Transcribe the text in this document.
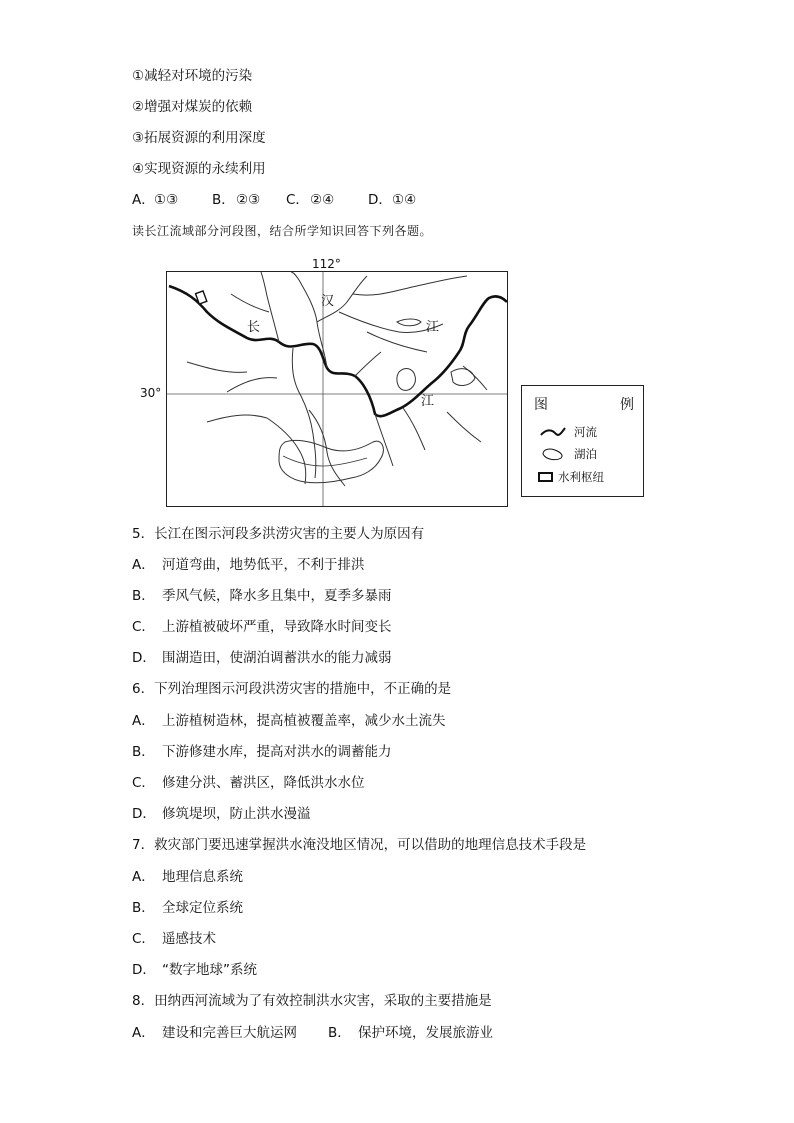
①减轻对环境的污染
②增强对煤炭的依赖
③拓展资源的利用深度
④实现资源的永续利用
A．①③	B．②③ C．②④	D．①④
读长江流域部分河段图，结合所学知识回答下列各题。
112°
30°
长
汉
江
江	图	例
河流
湖泊
水利枢纽
5．长江在图示河段多洪涝灾害的主要人为原因有
A． 河道弯曲，地势低平，不利于排洪
B． 季风气候，降水多且集中，夏季多暴雨
C． 上游植被破坏严重，导致降水时间变长
D． 围湖造田，使湖泊调蓄洪水的能力减弱
6．下列治理图示河段洪涝灾害的措施中，不正确的是
A． 上游植树造林，提高植被覆盖率，减少水土流失
B． 下游修建水库，提高对洪水的调蓄能力
C． 修建分洪、蓄洪区，降低洪水水位
D． 修筑堤坝，防止洪水漫溢
7．救灾部门要迅速掌握洪水淹没地区情况，可以借助的地理信息技术手段是
A． 地理信息系统
B． 全球定位系统
C． 遥感技术
D． “数字地球”系统
8．田纳西河流域为了有效控制洪水灾害，采取的主要措施是
A． 建设和完善巨大航运网 B． 保护环境，发展旅游业
